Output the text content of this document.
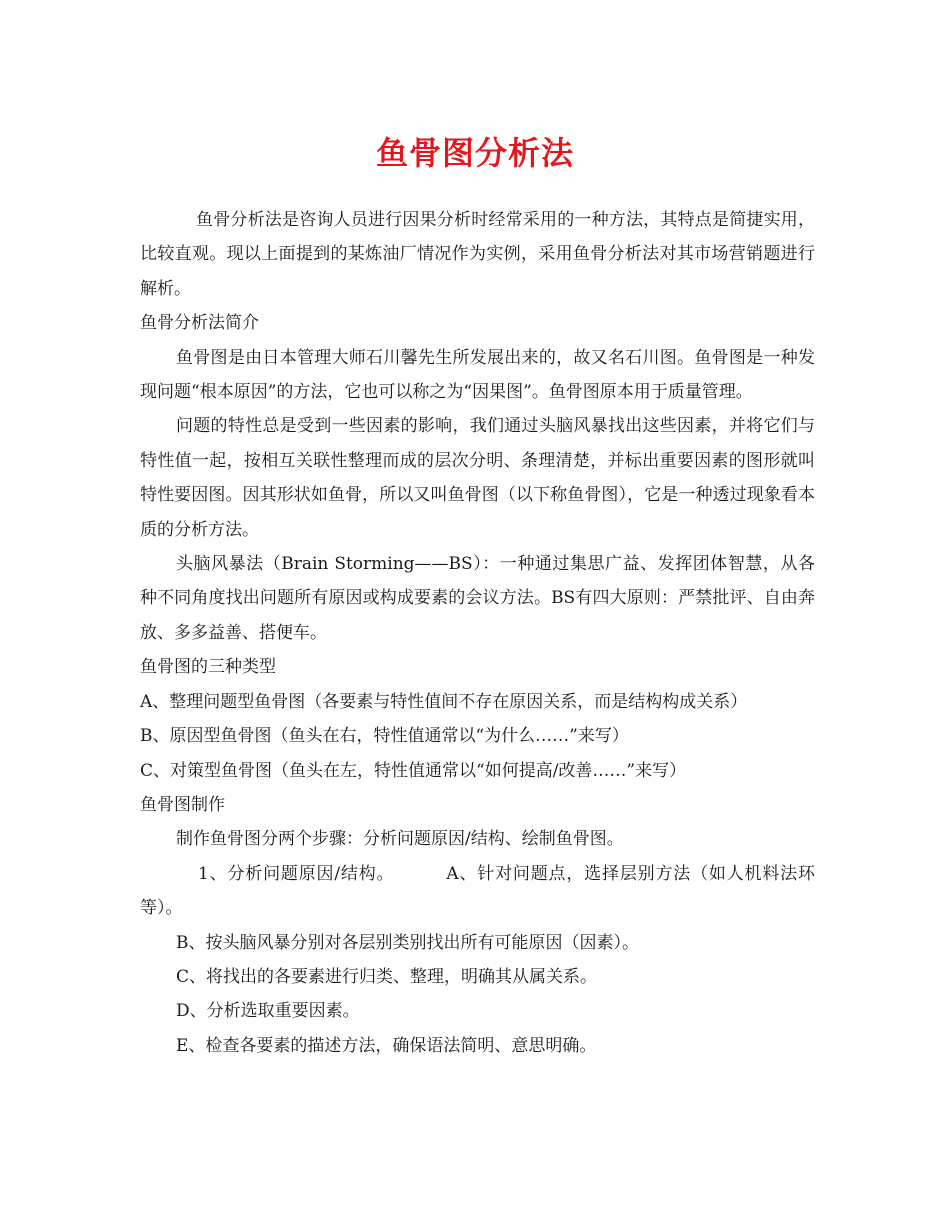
鱼骨图分析法

鱼骨分析法是咨询人员进行因果分析时经常采用的一种方法，其特点是简捷实用，比较直观。现以上面提到的某炼油厂情况作为实例，采用鱼骨分析法对其市场营销题进行解析。

鱼骨分析法简介

鱼骨图是由日本管理大师石川馨先生所发展出来的，故又名石川图。鱼骨图是一种发现问题“根本原因”的方法，它也可以称之为“因果图”。鱼骨图原本用于质量管理。

问题的特性总是受到一些因素的影响，我们通过头脑风暴找出这些因素，并将它们与特性值一起，按相互关联性整理而成的层次分明、条理清楚，并标出重要因素的图形就叫特性要因图。因其形状如鱼骨，所以又叫鱼骨图（以下称鱼骨图），它是一种透过现象看本质的分析方法。

头脑风暴法（Brain Storming——BS）：一种通过集思广益、发挥团体智慧，从各种不同角度找出问题所有原因或构成要素的会议方法。BS有四大原则：严禁批评、自由奔放、多多益善、搭便车。

鱼骨图的三种类型

A、整理问题型鱼骨图（各要素与特性值间不存在原因关系，而是结构构成关系）

B、原因型鱼骨图（鱼头在右，特性值通常以“为什么……”来写）

C、对策型鱼骨图（鱼头在左，特性值通常以“如何提高/改善……”来写）

鱼骨图制作

制作鱼骨图分两个步骤：分析问题原因/结构、绘制鱼骨图。

1、分析问题原因/结构。	A、针对问题点，选择层别方法（如人机料法环等）。

B、按头脑风暴分别对各层别类别找出所有可能原因（因素）。

C、将找出的各要素进行归类、整理，明确其从属关系。

D、分析选取重要因素。

E、检查各要素的描述方法，确保语法简明、意思明确。
